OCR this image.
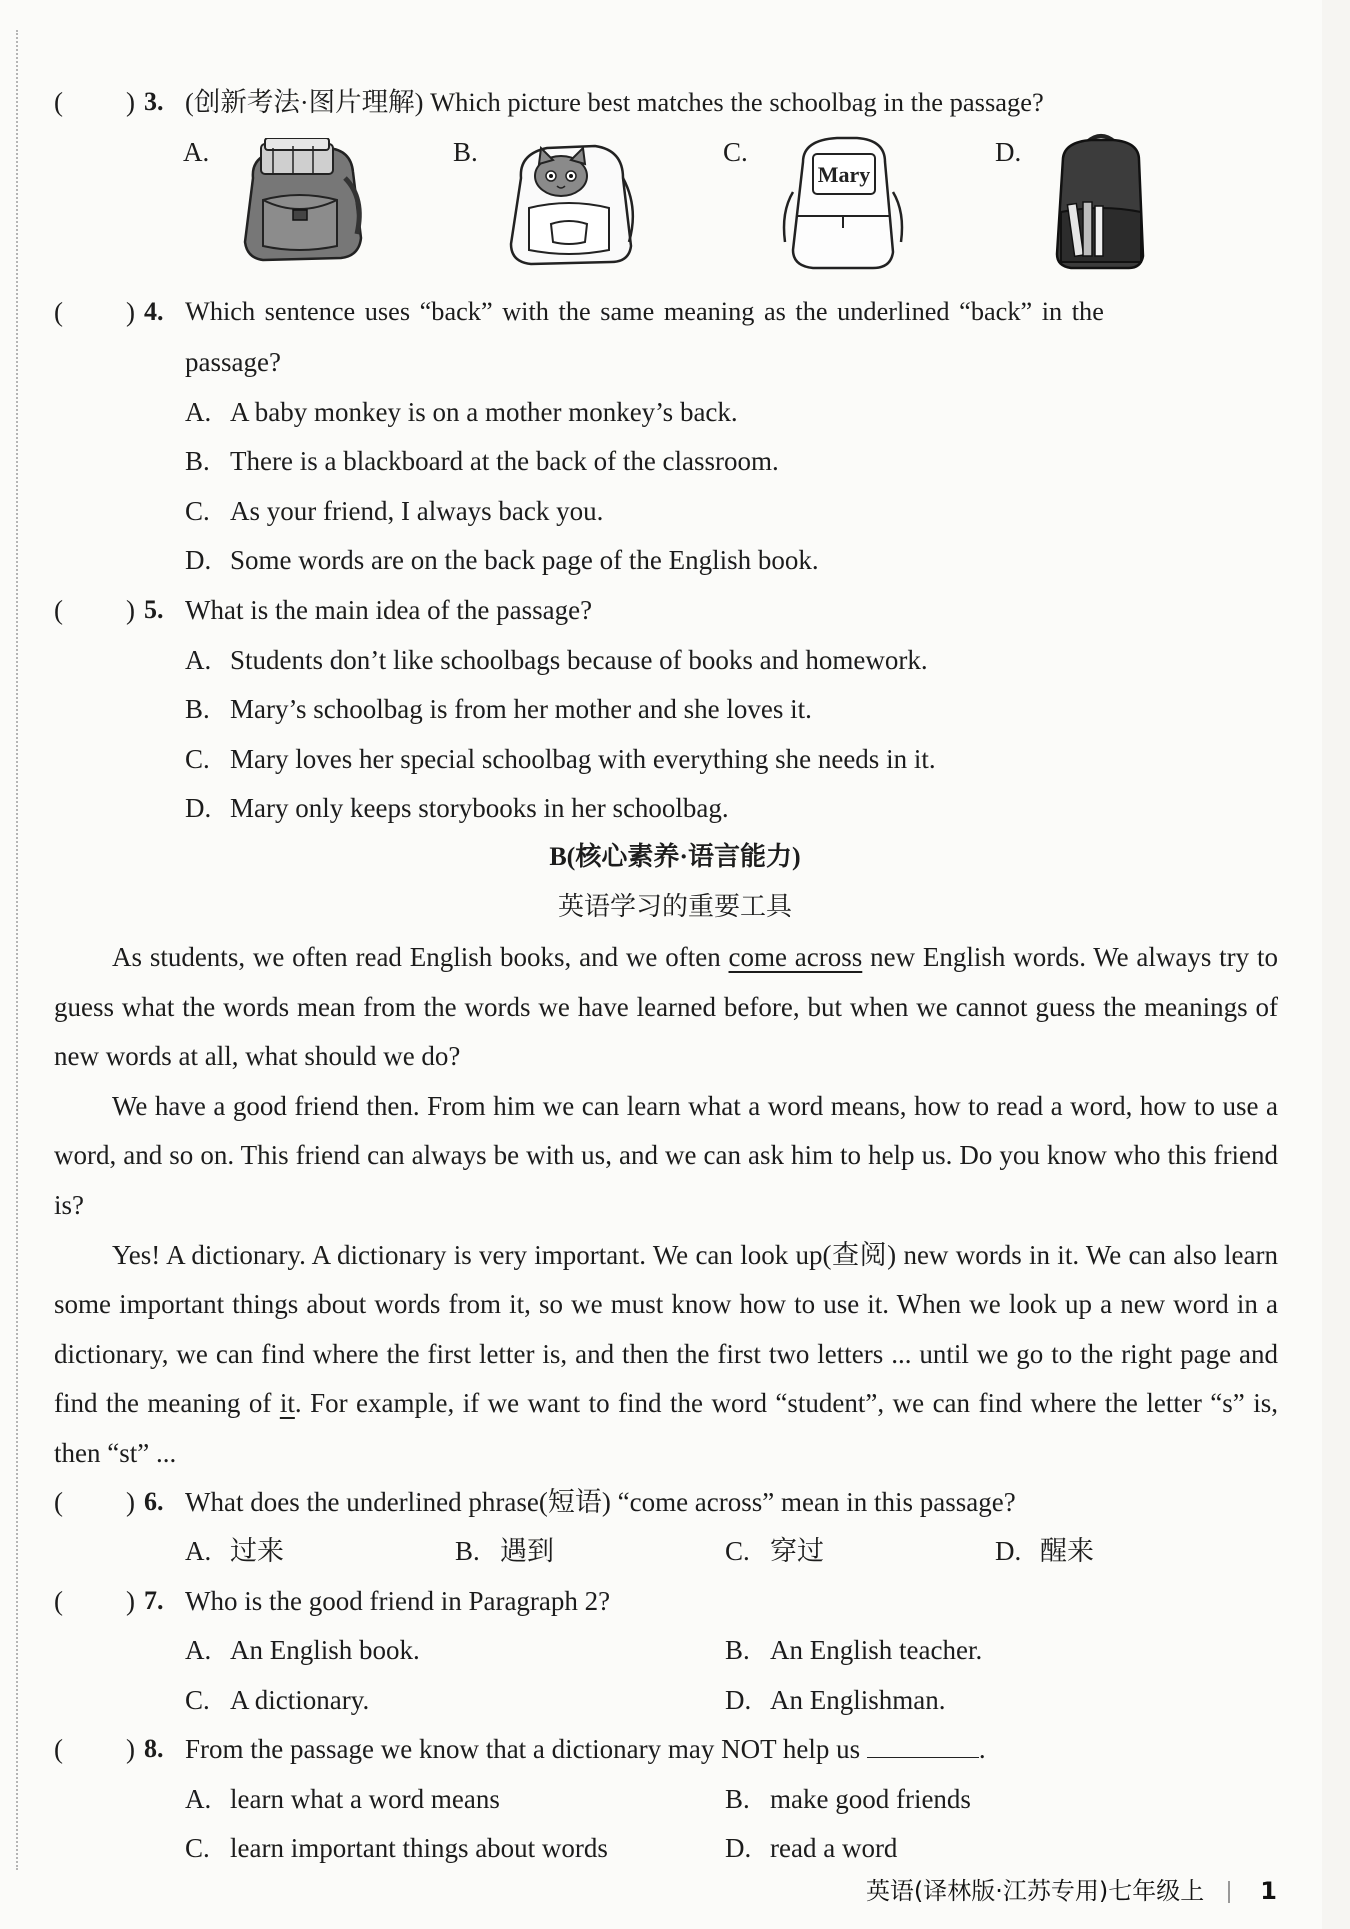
( ) 3. (创新考法·图片理解) Which picture best matches the schoolbag in the passage?
A.	B.	C.
Mary
D.
( ) 4. Which sentence uses “back” with the same meaning as the underlined “back” in the
passage?
A. A baby monkey is on a mother monkey’s back.
B. There is a blackboard at the back of the classroom.
C. As your friend, I always back you.
D. Some words are on the back page of the English book.
( ) 5. What is the main idea of the passage?
A. Students don’t like schoolbags because of books and homework.
B. Mary’s schoolbag is from her mother and she loves it.
C. Mary loves her special schoolbag with everything she needs in it.
D. Mary only keeps storybooks in her schoolbag.
B(核心素养·语言能力)
英语学习的重要工具

As students, we often read English books, and we often come across new English words. We always try to guess what the words mean from the words we have learned before, but when we cannot guess the meanings of new words at all, what should we do?

We have a good friend then. From him we can learn what a word means, how to read a word, how to use a word, and so on. This friend can always be with us, and we can ask him to help us. Do you know who this friend is?

Yes! A dictionary. A dictionary is very important. We can look up(查阅) new words in it. We can also learn some important things about words from it, so we must know how to use it. When we look up a new word in a dictionary, we can find where the first letter is, and then the first two letters ... until we go to the right page and find the meaning of it. For example, if we want to find the word “student”, we can find where the letter “s” is, then “st” ...

( ) 6. What does the underlined phrase(短语) “come across” mean in this passage?
A. 过来	B. 遇到	C. 穿过	D. 醒来
( ) 7. Who is the good friend in Paragraph 2?
A. An English book.	B. An English teacher.
C. A dictionary.	D. An Englishman.
( ) 8. From the passage we know that a dictionary may NOT help us	.
A. learn what a word means	B. make good friends
C. learn important things about words	D. read a word
英语(译林版·江苏专用)七年级上 1
